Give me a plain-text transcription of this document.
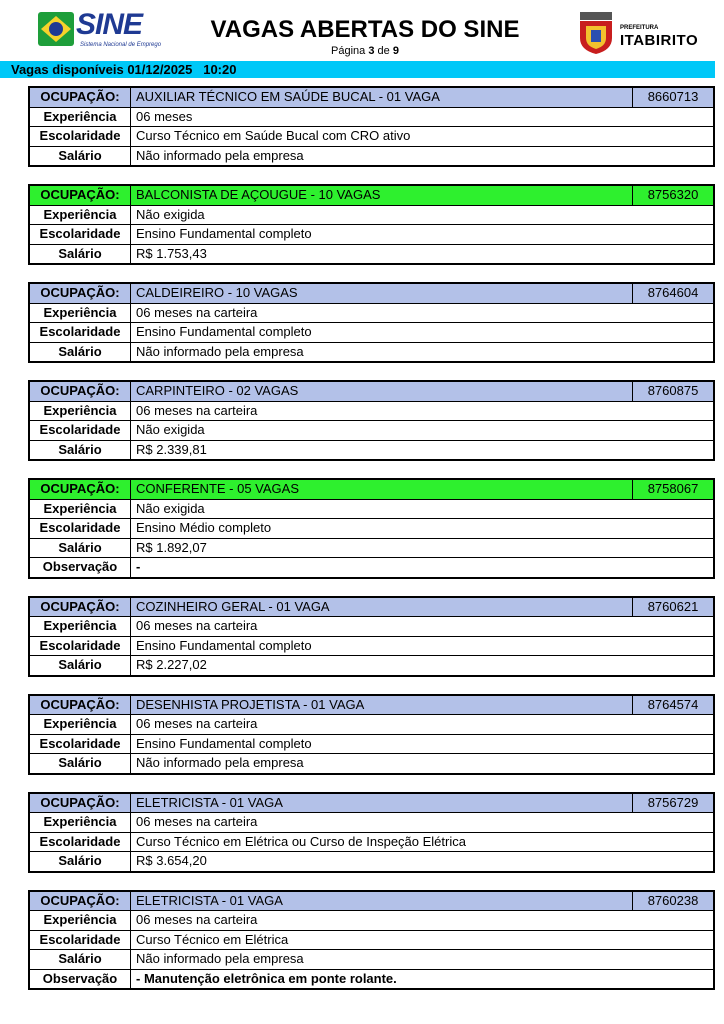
SINE
Sistema Nacional de Emprego
VAGAS ABERTAS DO SINE
Página 3 de 9
PREFEITURA
ITABIRITO
Vagas disponíveis 01/12/2025   10:20
OCUPAÇÃO:	AUXILIAR TÉCNICO EM SAÚDE BUCAL - 01 VAGA	8660713
Experiência	06 meses
Escolaridade	Curso Técnico em Saúde Bucal com CRO ativo
Salário	Não informado pela empresa
OCUPAÇÃO:	BALCONISTA DE AÇOUGUE - 10 VAGAS	8756320
Experiência	Não exigida
Escolaridade	Ensino Fundamental completo
Salário	R$ 1.753,43
OCUPAÇÃO:	CALDEIREIRO - 10 VAGAS	8764604
Experiência	06 meses na carteira
Escolaridade	Ensino Fundamental completo
Salário	Não informado pela empresa
OCUPAÇÃO:	CARPINTEIRO - 02 VAGAS	8760875
Experiência	06 meses na carteira
Escolaridade	Não exigida
Salário	R$ 2.339,81
OCUPAÇÃO:	CONFERENTE - 05 VAGAS	8758067
Experiência	Não exigida
Escolaridade	Ensino Médio completo
Salário	R$ 1.892,07
Observação	-
OCUPAÇÃO:	COZINHEIRO GERAL - 01 VAGA	8760621
Experiência	06 meses na carteira
Escolaridade	Ensino Fundamental completo
Salário	R$ 2.227,02
OCUPAÇÃO:	DESENHISTA PROJETISTA - 01 VAGA	8764574
Experiência	06 meses na carteira
Escolaridade	Ensino Fundamental completo
Salário	Não informado pela empresa
OCUPAÇÃO:	ELETRICISTA - 01 VAGA	8756729
Experiência	06 meses na carteira
Escolaridade	Curso Técnico em Elétrica ou Curso de Inspeção Elétrica
Salário	R$ 3.654,20
OCUPAÇÃO:	ELETRICISTA - 01 VAGA	8760238
Experiência	06 meses na carteira
Escolaridade	Curso Técnico em Elétrica
Salário	Não informado pela empresa
Observação	- Manutenção eletrônica em ponte rolante.
